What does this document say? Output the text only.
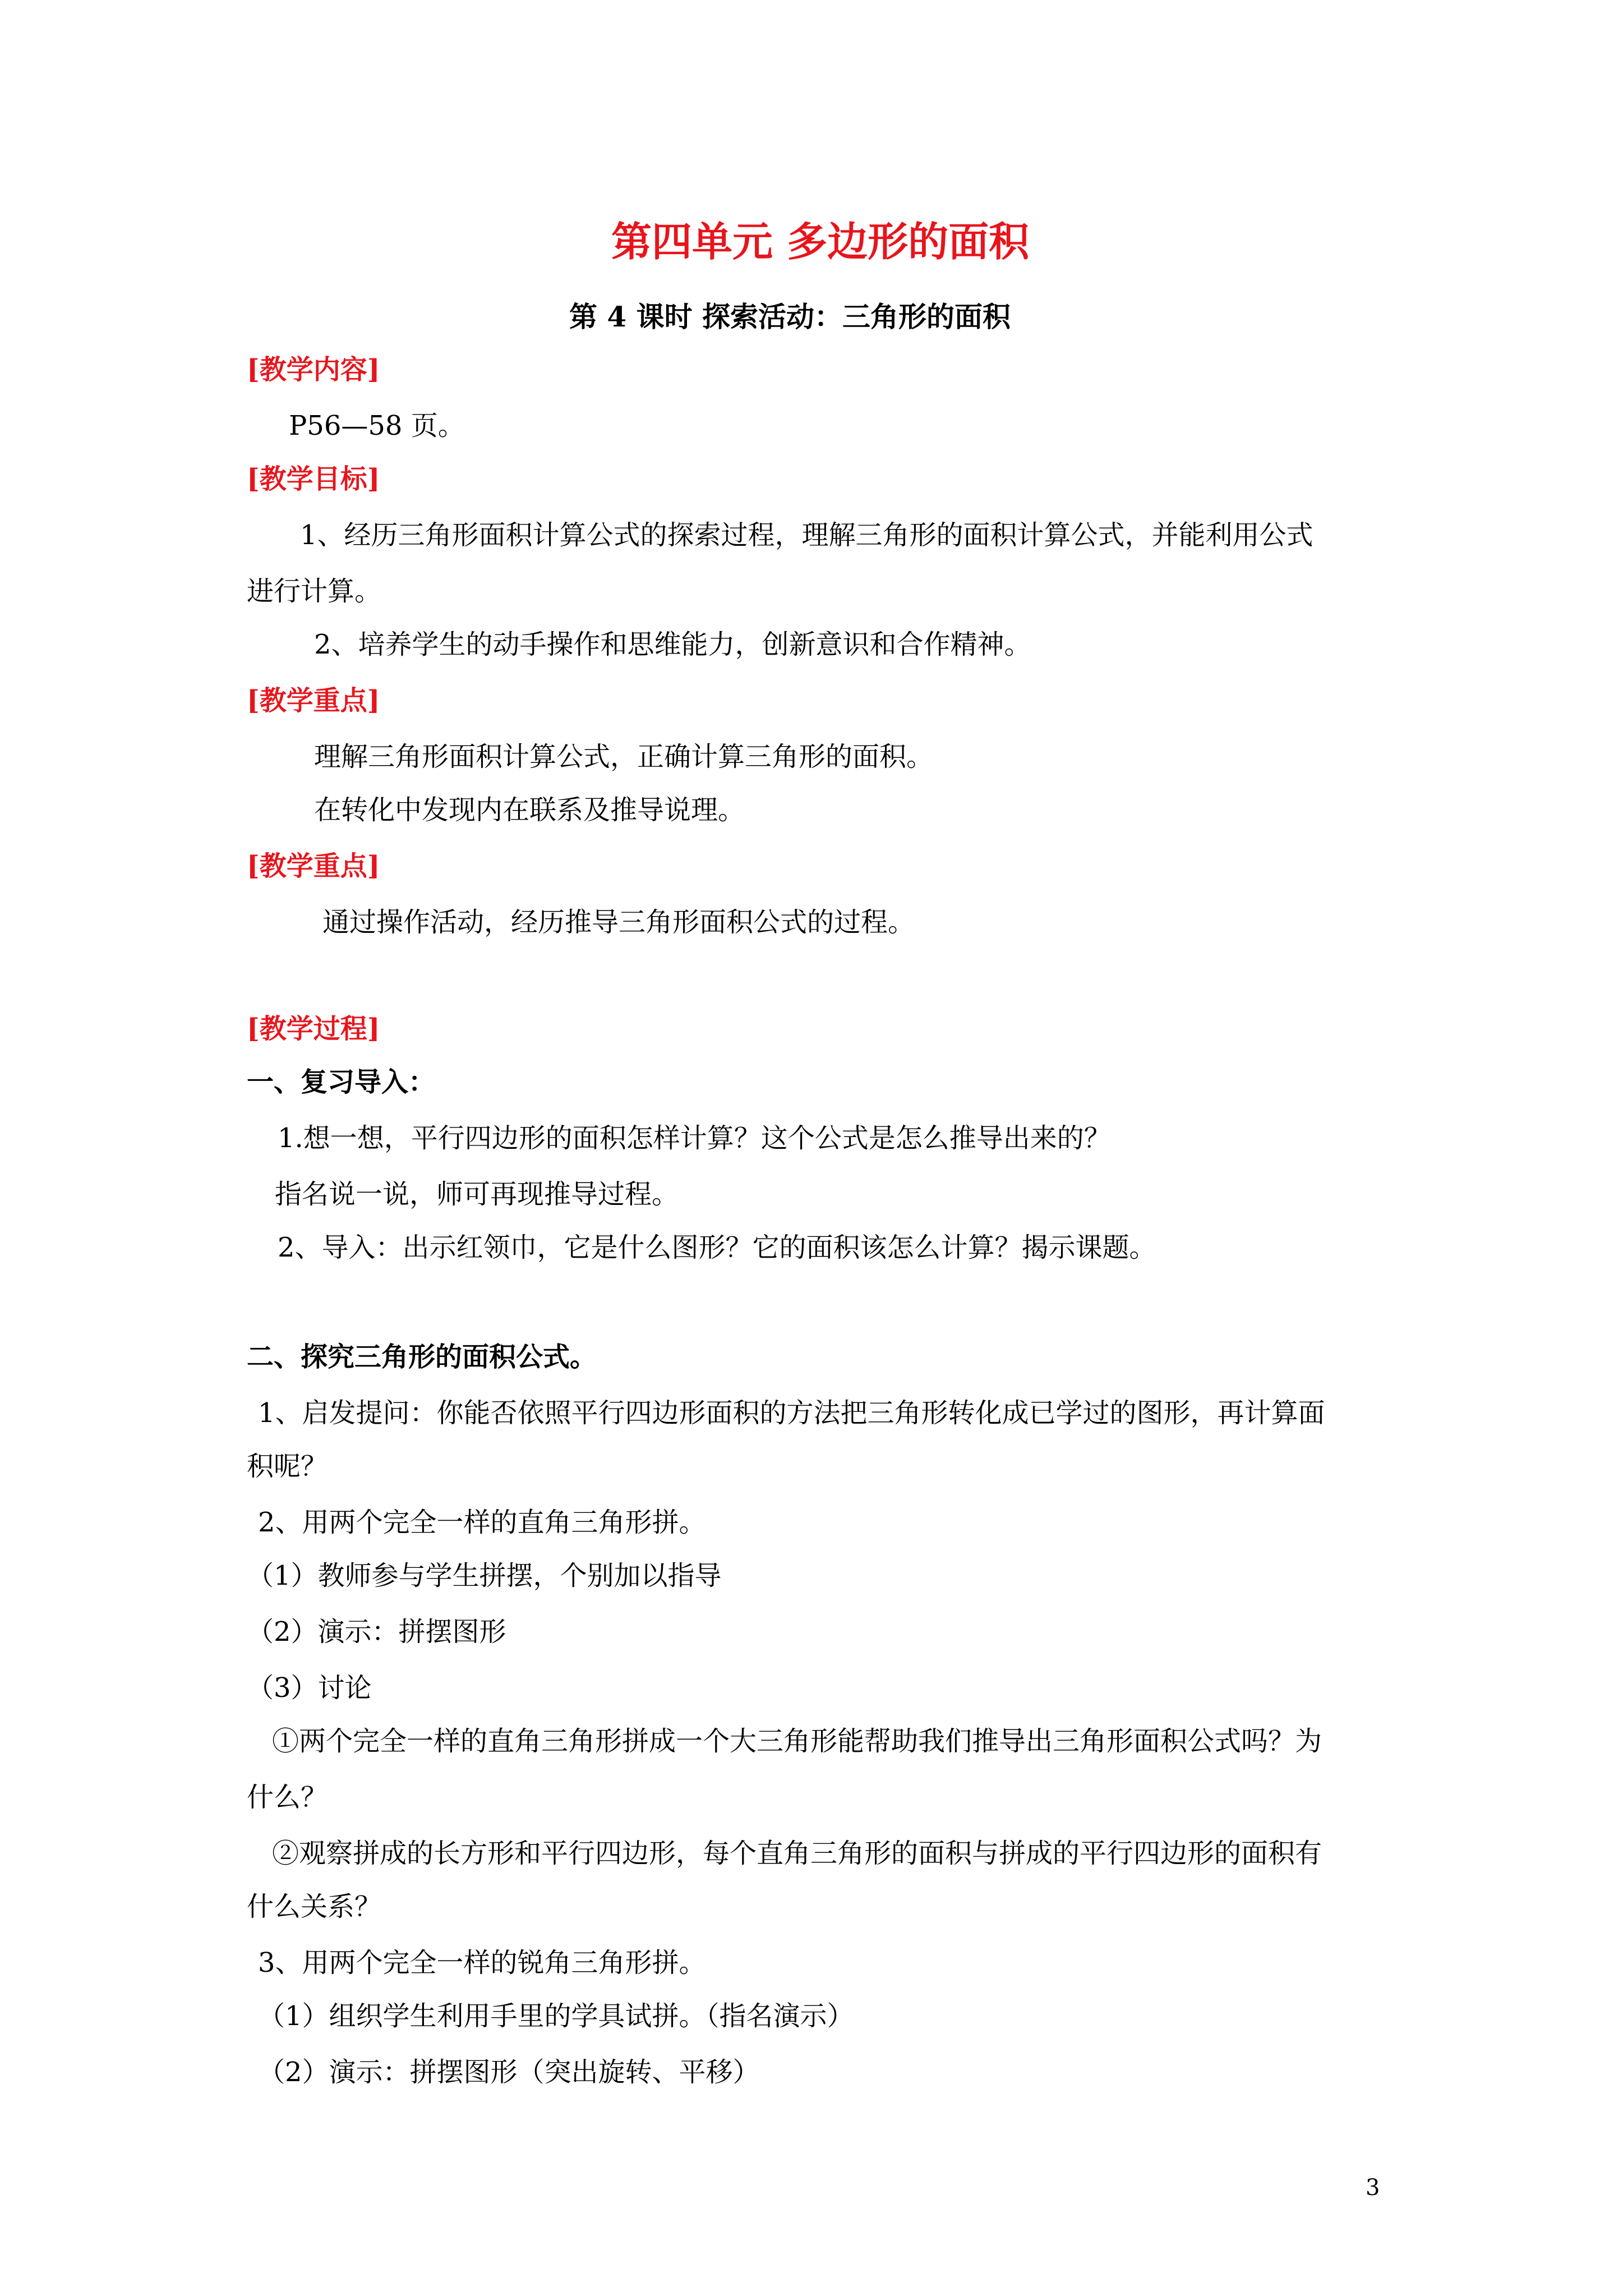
第四单元 多边形的面积
第 4 课时 探索活动：三角形的面积
[教学内容]
P56—58 页。
[教学目标]
1、经历三角形面积计算公式的探索过程，理解三角形的面积计算公式，并能利用公式
进行计算。
2、培养学生的动手操作和思维能力，创新意识和合作精神。
[教学重点]
理解三角形面积计算公式，正确计算三角形的面积。
在转化中发现内在联系及推导说理。
[教学重点]
通过操作活动，经历推导三角形面积公式的过程。
[教学过程]
一、复习导入：
1.想一想，平行四边形的面积怎样计算？这个公式是怎么推导出来的？
指名说一说，师可再现推导过程。
2、导入：出示红领巾，它是什么图形？它的面积该怎么计算？揭示课题。
二、探究三角形的面积公式。
1、启发提问：你能否依照平行四边形面积的方法把三角形转化成已学过的图形，再计算面
积呢？
2、用两个完全一样的直角三角形拼。
（1）教师参与学生拼摆，个别加以指导
（2）演示：拼摆图形
（3）讨论
①两个完全一样的直角三角形拼成一个大三角形能帮助我们推导出三角形面积公式吗？为
什么？
②观察拼成的长方形和平行四边形，每个直角三角形的面积与拼成的平行四边形的面积有
什么关系？
3、用两个完全一样的锐角三角形拼。
（1）组织学生利用手里的学具试拼。（指名演示）
（2）演示：拼摆图形（突出旋转、平移）
3
